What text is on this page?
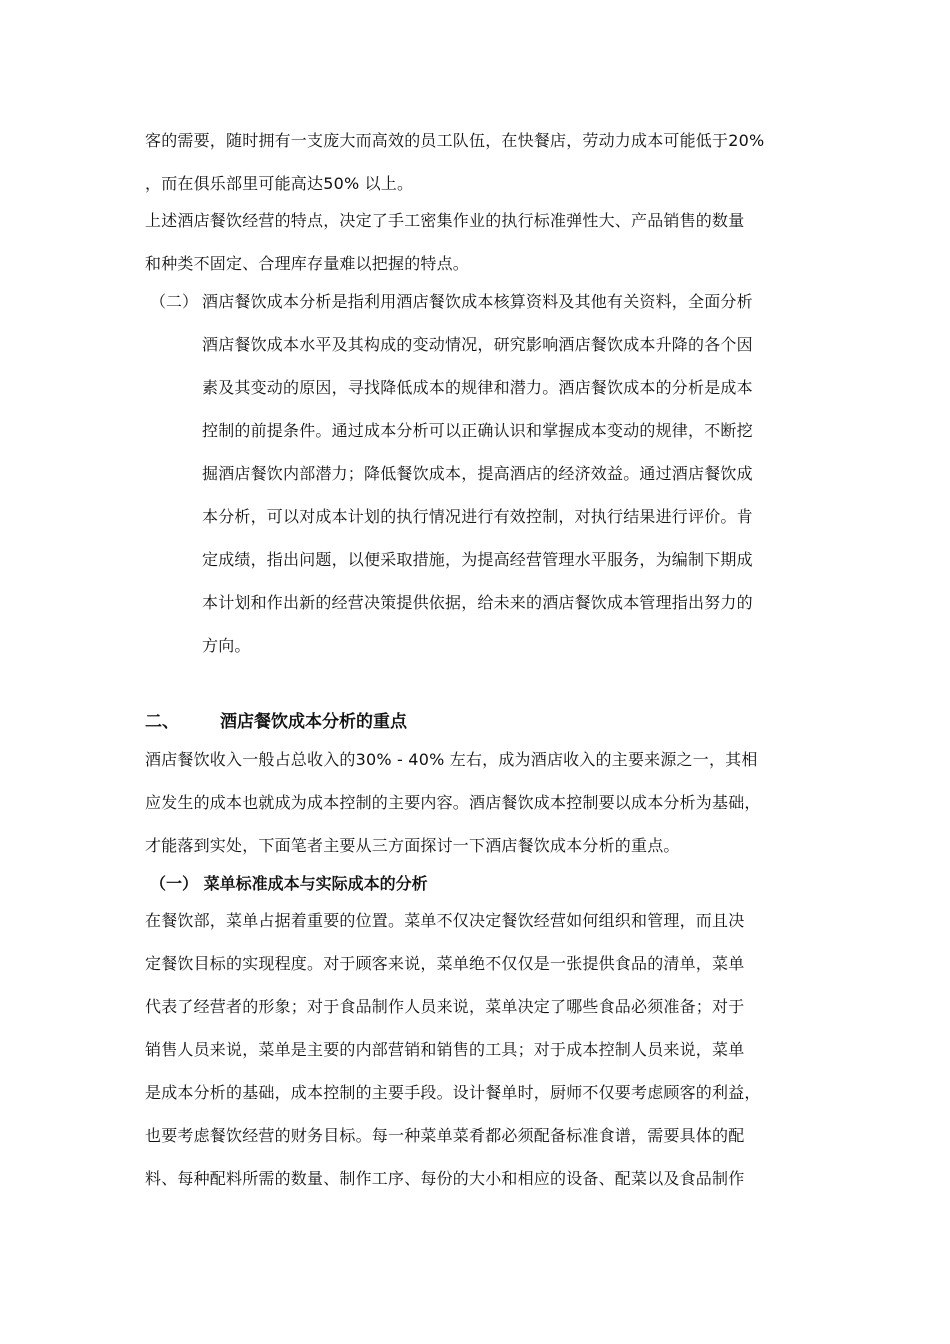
客的需要，随时拥有一支庞大而高效的员工队伍，在快餐店，劳动力成本可能低于20%
，而在俱乐部里可能高达50% 以上。
上述酒店餐饮经营的特点，决定了手工密集作业的执行标准弹性大、产品销售的数量
和种类不固定、合理库存量难以把握的特点。
（二） 酒店餐饮成本分析是指利用酒店餐饮成本核算资料及其他有关资料，全面分析
酒店餐饮成本水平及其构成的变动情况，研究影响酒店餐饮成本升降的各个因
素及其变动的原因，寻找降低成本的规律和潜力。酒店餐饮成本的分析是成本
控制的前提条件。通过成本分析可以正确认识和掌握成本变动的规律，不断挖
掘酒店餐饮内部潜力；降低餐饮成本，提高酒店的经济效益。通过酒店餐饮成
本分析，可以对成本计划的执行情况进行有效控制，对执行结果进行评价。肯
定成绩，指出问题，以便采取措施，为提高经营管理水平服务，为编制下期成
本计划和作出新的经营决策提供依据，给未来的酒店餐饮成本管理指出努力的
方向。
二、 酒店餐饮成本分析的重点
酒店餐饮收入一般占总收入的30% - 40% 左右，成为酒店收入的主要来源之一，其相
应发生的成本也就成为成本控制的主要内容。酒店餐饮成本控制要以成本分析为基础，
才能落到实处，下面笔者主要从三方面探讨一下酒店餐饮成本分析的重点。
（一） 菜单标准成本与实际成本的分析
在餐饮部，菜单占据着重要的位置。菜单不仅决定餐饮经营如何组织和管理，而且决
定餐饮目标的实现程度。对于顾客来说，菜单绝不仅仅是一张提供食品的清单，菜单
代表了经营者的形象；对于食品制作人员来说，菜单决定了哪些食品必须准备；对于
销售人员来说，菜单是主要的内部营销和销售的工具；对于成本控制人员来说，菜单
是成本分析的基础，成本控制的主要手段。设计餐单时，厨师不仅要考虑顾客的利益，
也要考虑餐饮经营的财务目标。每一种菜单菜肴都必须配备标准食谱，需要具体的配
料、每种配料所需的数量、制作工序、每份的大小和相应的设备、配菜以及食品制作
